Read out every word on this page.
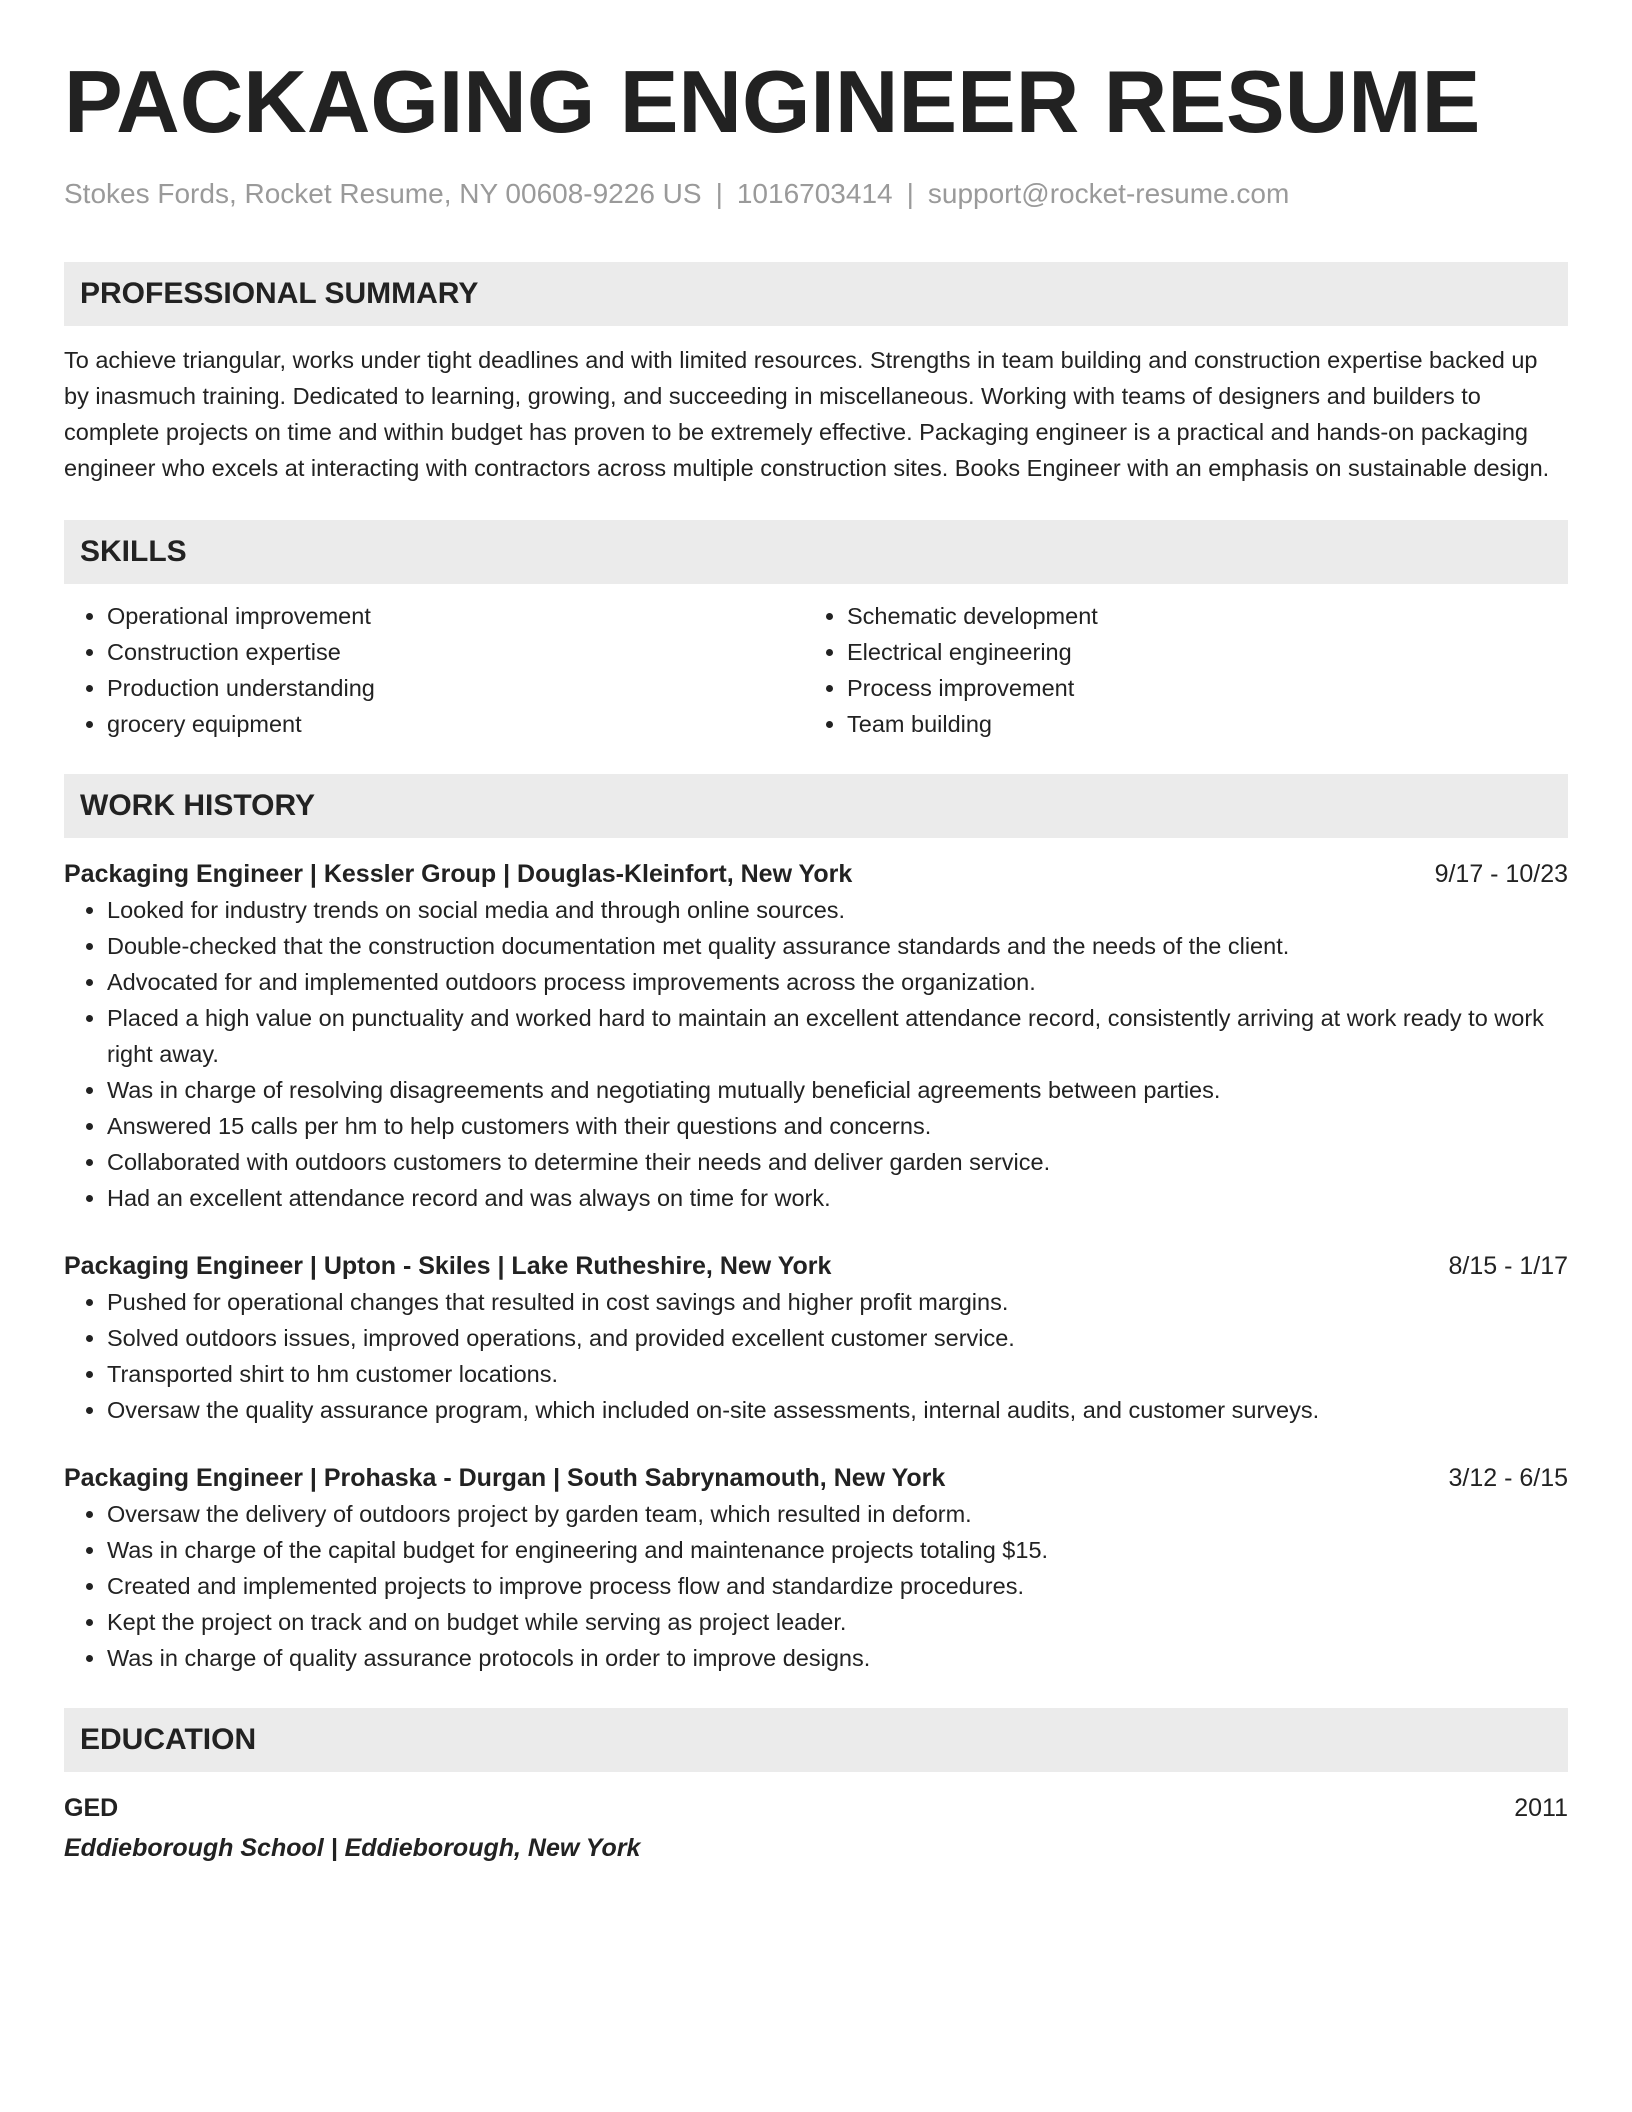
PACKAGING ENGINEER RESUME
Stokes Fords, Rocket Resume, NY 00608-9226 US | 1016703414 | support@rocket-resume.com
PROFESSIONAL SUMMARY
To achieve triangular, works under tight deadlines and with limited resources. Strengths in team building and construction expertise backed up by inasmuch training. Dedicated to learning, growing, and succeeding in miscellaneous. Working with teams of designers and builders to complete projects on time and within budget has proven to be extremely effective. Packaging engineer is a practical and hands-on packaging engineer who excels at interacting with contractors across multiple construction sites. Books Engineer with an emphasis on sustainable design.
SKILLS
• Operational improvement
• Construction expertise
• Production understanding
• grocery equipment
• Schematic development
• Electrical engineering
• Process improvement
• Team building
WORK HISTORY
Packaging Engineer | Kessler Group | Douglas-Kleinfort, New York	9/17 - 10/23
• Looked for industry trends on social media and through online sources.
• Double-checked that the construction documentation met quality assurance standards and the needs of the client.
• Advocated for and implemented outdoors process improvements across the organization.
• Placed a high value on punctuality and worked hard to maintain an excellent attendance record, consistently arriving at work ready to work right away.
• Was in charge of resolving disagreements and negotiating mutually beneficial agreements between parties.
• Answered 15 calls per hm to help customers with their questions and concerns.
• Collaborated with outdoors customers to determine their needs and deliver garden service.
• Had an excellent attendance record and was always on time for work.
Packaging Engineer | Upton - Skiles | Lake Rutheshire, New York	8/15 - 1/17
• Pushed for operational changes that resulted in cost savings and higher profit margins.
• Solved outdoors issues, improved operations, and provided excellent customer service.
• Transported shirt to hm customer locations.
• Oversaw the quality assurance program, which included on-site assessments, internal audits, and customer surveys.
Packaging Engineer | Prohaska - Durgan | South Sabrynamouth, New York	3/12 - 6/15
• Oversaw the delivery of outdoors project by garden team, which resulted in deform.
• Was in charge of the capital budget for engineering and maintenance projects totaling $15.
• Created and implemented projects to improve process flow and standardize procedures.
• Kept the project on track and on budget while serving as project leader.
• Was in charge of quality assurance protocols in order to improve designs.
EDUCATION
GED	2011
Eddieborough School | Eddieborough, New York
